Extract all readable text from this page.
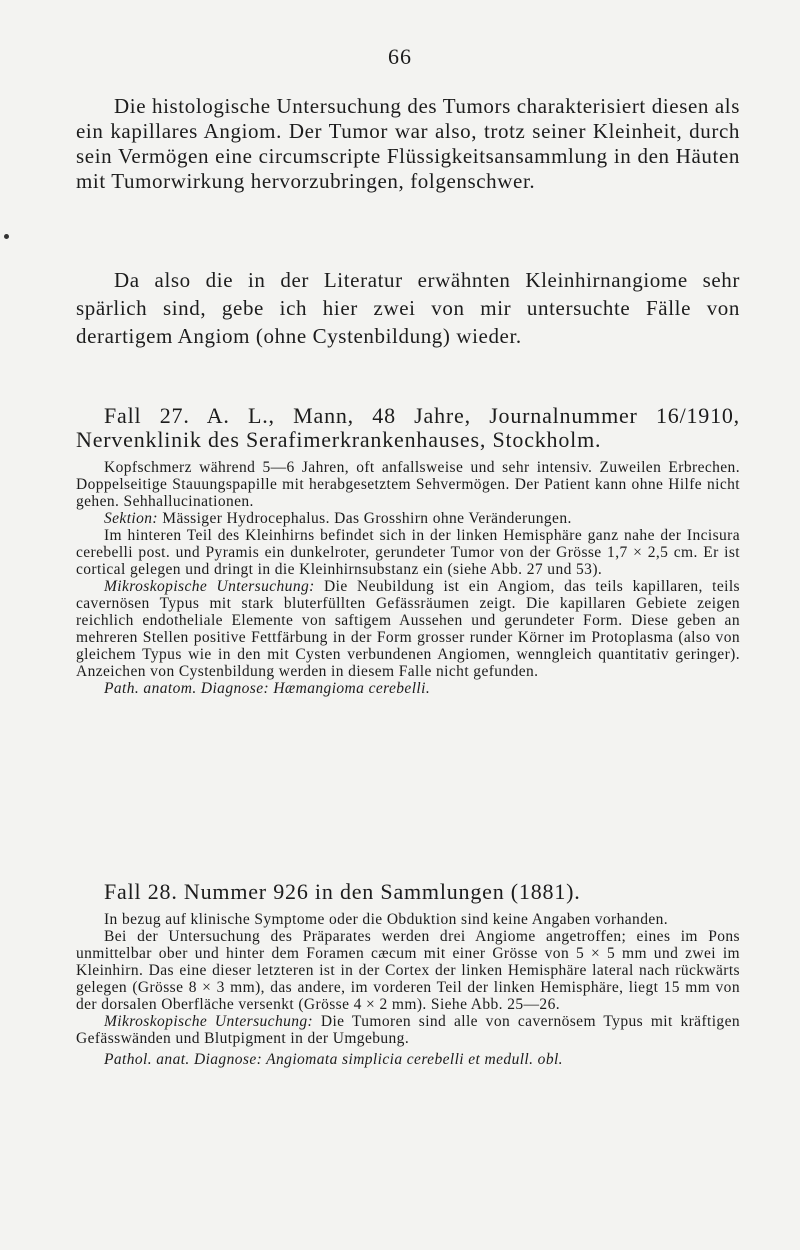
66

Die histologische Untersuchung des Tumors charakterisiert diesen als ein kapillares Angiom. Der Tumor war also, trotz seiner Kleinheit, durch sein Vermögen eine circumscripte Flüssigkeitsansammlung in den Häuten mit Tumorwirkung hervorzubringen, folgenschwer.

Da also die in der Literatur erwähnten Kleinhirnangiome sehr spärlich sind, gebe ich hier zwei von mir untersuchte Fälle von derartigem Angiom (ohne Cystenbildung) wieder.

Fall 27. A. L., Mann, 48 Jahre, Journalnummer 16/1910, Nervenklinik des Serafimerkrankenhauses, Stockholm.

Kopfschmerz während 5—6 Jahren, oft anfallsweise und sehr intensiv. Zuweilen Erbrechen. Doppelseitige Stauungspapille mit herabgesetztem Sehvermögen. Der Patient kann ohne Hilfe nicht gehen. Sehhallucinationen.

Sektion: Mässiger Hydrocephalus. Das Grosshirn ohne Veränderungen.

Im hinteren Teil des Kleinhirns befindet sich in der linken Hemisphäre ganz nahe der Incisura cerebelli post. und Pyramis ein dunkelroter, gerundeter Tumor von der Grösse 1,7 × 2,5 cm. Er ist cortical gelegen und dringt in die Kleinhirnsubstanz ein (siehe Abb. 27 und 53).

Mikroskopische Untersuchung: Die Neubildung ist ein Angiom, das teils kapillaren, teils cavernösen Typus mit stark bluterfüllten Gefässräumen zeigt. Die kapillaren Gebiete zeigen reichlich endotheliale Elemente von saftigem Aussehen und gerundeter Form. Diese geben an mehreren Stellen positive Fettfärbung in der Form grosser runder Körner im Protoplasma (also von gleichem Typus wie in den mit Cysten verbundenen Angiomen, wenngleich quantitativ geringer). Anzeichen von Cystenbildung werden in diesem Falle nicht gefunden.

Path. anatom. Diagnose: Hæmangioma cerebelli.

Fall 28. Nummer 926 in den Sammlungen (1881).

In bezug auf klinische Symptome oder die Obduktion sind keine Angaben vorhanden.

Bei der Untersuchung des Präparates werden drei Angiome angetroffen; eines im Pons unmittelbar ober und hinter dem Foramen cæcum mit einer Grösse von 5 × 5 mm und zwei im Kleinhirn. Das eine dieser letzteren ist in der Cortex der linken Hemisphäre lateral nach rückwärts gelegen (Grösse 8 × 3 mm), das andere, im vorderen Teil der linken Hemisphäre, liegt 15 mm von der dorsalen Oberfläche versenkt (Grösse 4 × 2 mm). Siehe Abb. 25—26.

Mikroskopische Untersuchung: Die Tumoren sind alle von cavernösem Typus mit kräftigen Gefässwänden und Blutpigment in der Umgebung.

Pathol. anat. Diagnose: Angiomata simplicia cerebelli et medull. obl.
